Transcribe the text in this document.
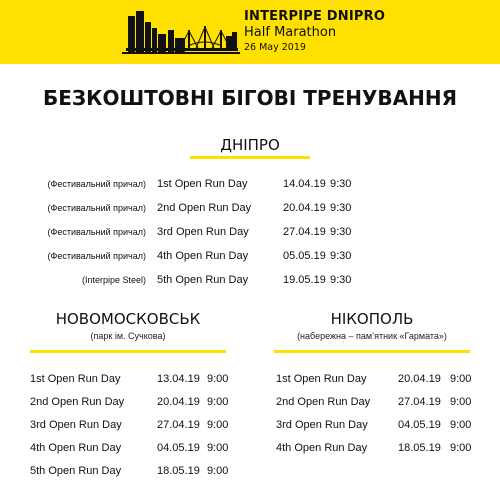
INTERPIPE DNIPRO
Half Marathon
26 May 2019
БЕЗКОШТОВНІ БІГОВІ ТРЕНУВАННЯ
ДНІПРО
(Фестивальний причал) 1st Open Run Day	14.04.19 9:30
(Фестивальний причал) 2nd Open Run Day	20.04.19 9:30
(Фестивальний причал) 3rd Open Run Day	27.04.19 9:30
(Фестивальний причал) 4th Open Run Day	05.05.19 9:30
(Interpipe Steel) 5th Open Run Day	19.05.19 9:30
НОВОМОСКОВСЬК
(парк ім. Сучкова)
1st Open Run Day	13.04.19 9:00
2nd Open Run Day	20.04.19 9:00
3rd Open Run Day	27.04.19 9:00
4th Open Run Day	04.05.19 9:00
5th Open Run Day	18.05.19 9:00
НІКОПОЛЬ
(набережна – пам’ятник «Гармата»)
1st Open Run Day	20.04.19 9:00
2nd Open Run Day	27.04.19 9:00
3rd Open Run Day	04.05.19 9:00
4th Open Run Day	18.05.19 9:00
